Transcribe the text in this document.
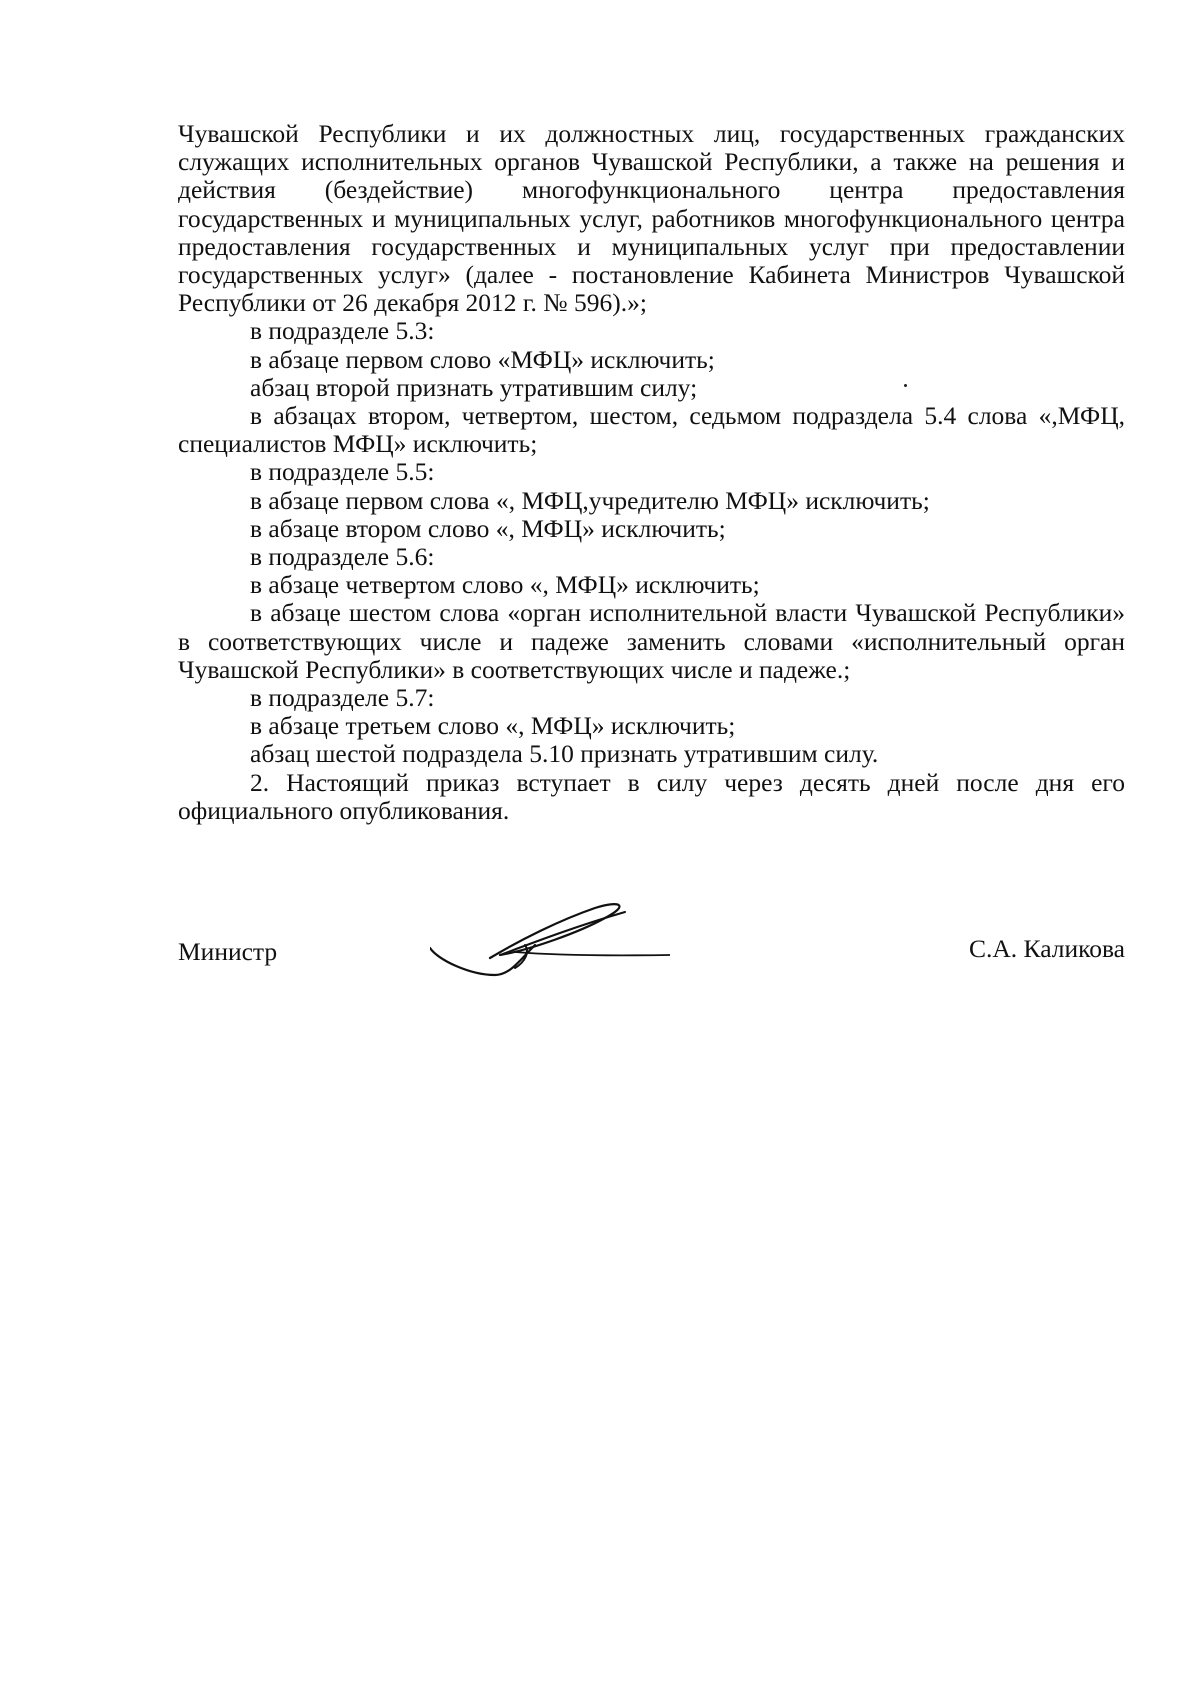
Чувашской Республики и их должностных лиц, государственных гражданских служащих исполнительных органов Чувашской Республики, а также на решения и действия (бездействие) многофункционального центра предоставления государственных и муниципальных услуг, работников многофункционального центра предоставления государственных и муниципальных услуг при предоставлении государственных услуг» (далее - постановление Кабинета Министров Чувашской Республики от 26 декабря 2012 г. № 596).»;

в подразделе 5.3:

в абзаце первом слово «МФЦ» исключить;

абзац второй признать утратившим силу;

в абзацах втором, четвертом, шестом, седьмом подраздела 5.4 слова «,МФЦ, специалистов МФЦ» исключить;

в подразделе 5.5:

в абзаце первом слова «, МФЦ,учредителю МФЦ» исключить;

в абзаце втором слово «, МФЦ» исключить;

в подразделе 5.6:

в абзаце четвертом слово «, МФЦ» исключить;

в абзаце шестом слова «орган исполнительной власти Чувашской Республики» в соответствующих числе и падеже заменить словами «исполнительный орган Чувашской Республики» в соответствующих числе и падеже.;

в подразделе 5.7:

в абзаце третьем слово «, МФЦ» исключить;

абзац шестой подраздела 5.10 признать утратившим силу.

2. Настоящий приказ вступает в силу через десять дней после дня его официального опубликования.

Министр	С.А. Каликова
